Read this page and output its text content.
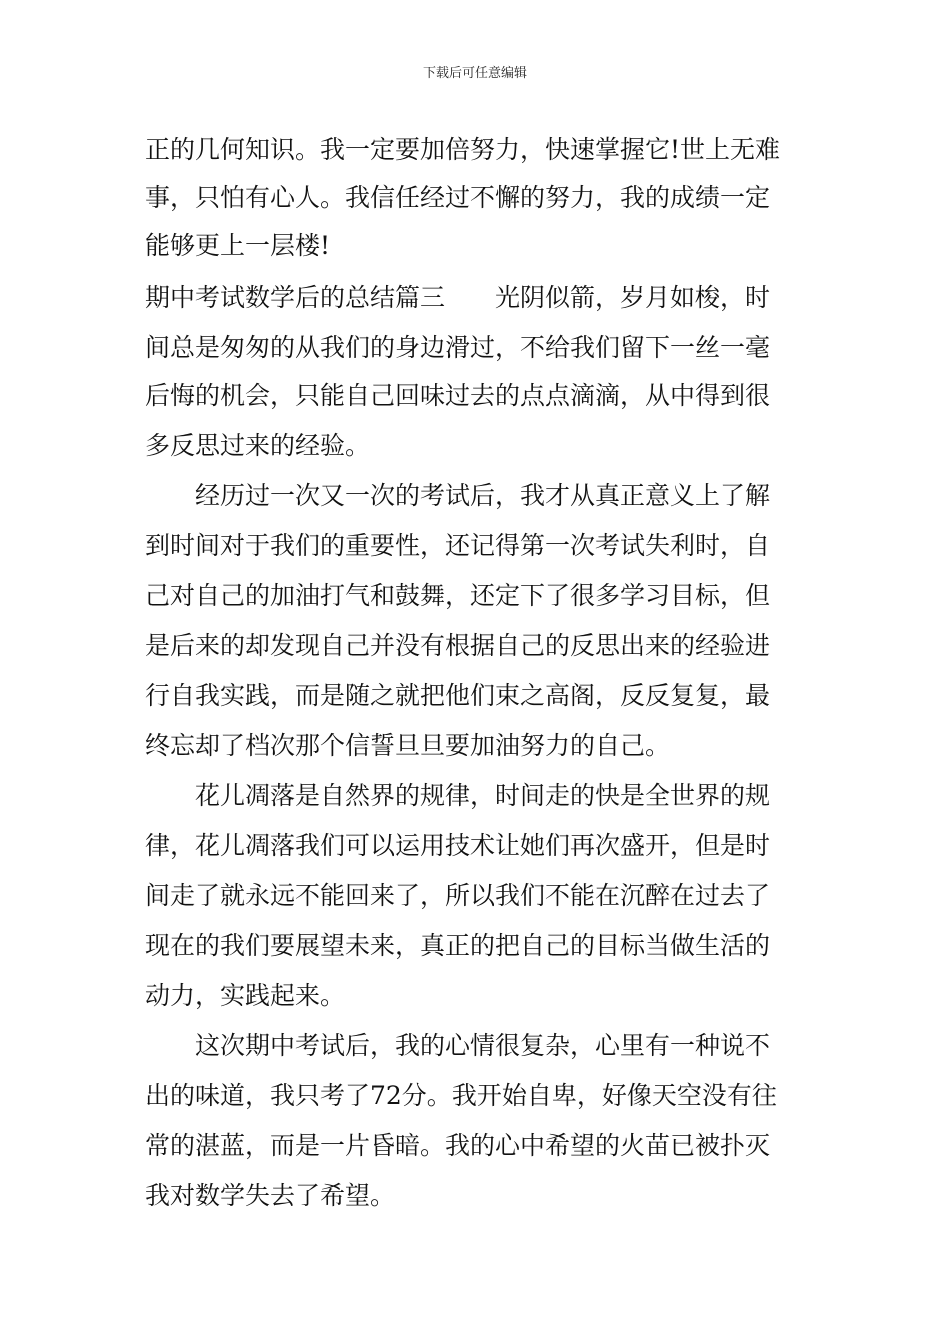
下载后可任意编辑
正的几何知识。我一定要加倍努力，快速掌握它!世上无难
事，只怕有心人。我信任经过不懈的努力，我的成绩一定
能够更上一层楼!
期中考试数学后的总结篇三　　光阴似箭，岁月如梭，时
间总是匆匆的从我们的身边滑过，不给我们留下一丝一毫
后悔的机会，只能自己回味过去的点点滴滴，从中得到很
多反思过来的经验。
　　经历过一次又一次的考试后，我才从真正意义上了解
到时间对于我们的重要性，还记得第一次考试失利时，自
己对自己的加油打气和鼓舞，还定下了很多学习目标，但
是后来的却发现自己并没有根据自己的反思出来的经验进
行自我实践，而是随之就把他们束之高阁，反反复复，最
终忘却了档次那个信誓旦旦要加油努力的自己。
　　花儿凋落是自然界的规律，时间走的快是全世界的规
律，花儿凋落我们可以运用技术让她们再次盛开，但是时
间走了就永远不能回来了，所以我们不能在沉醉在过去了
现在的我们要展望未来，真正的把自己的目标当做生活的
动力，实践起来。
　　这次期中考试后，我的心情很复杂，心里有一种说不
出的味道，我只考了72分。我开始自卑，好像天空没有往
常的湛蓝，而是一片昏暗。我的心中希望的火苗已被扑灭
我对数学失去了希望。
